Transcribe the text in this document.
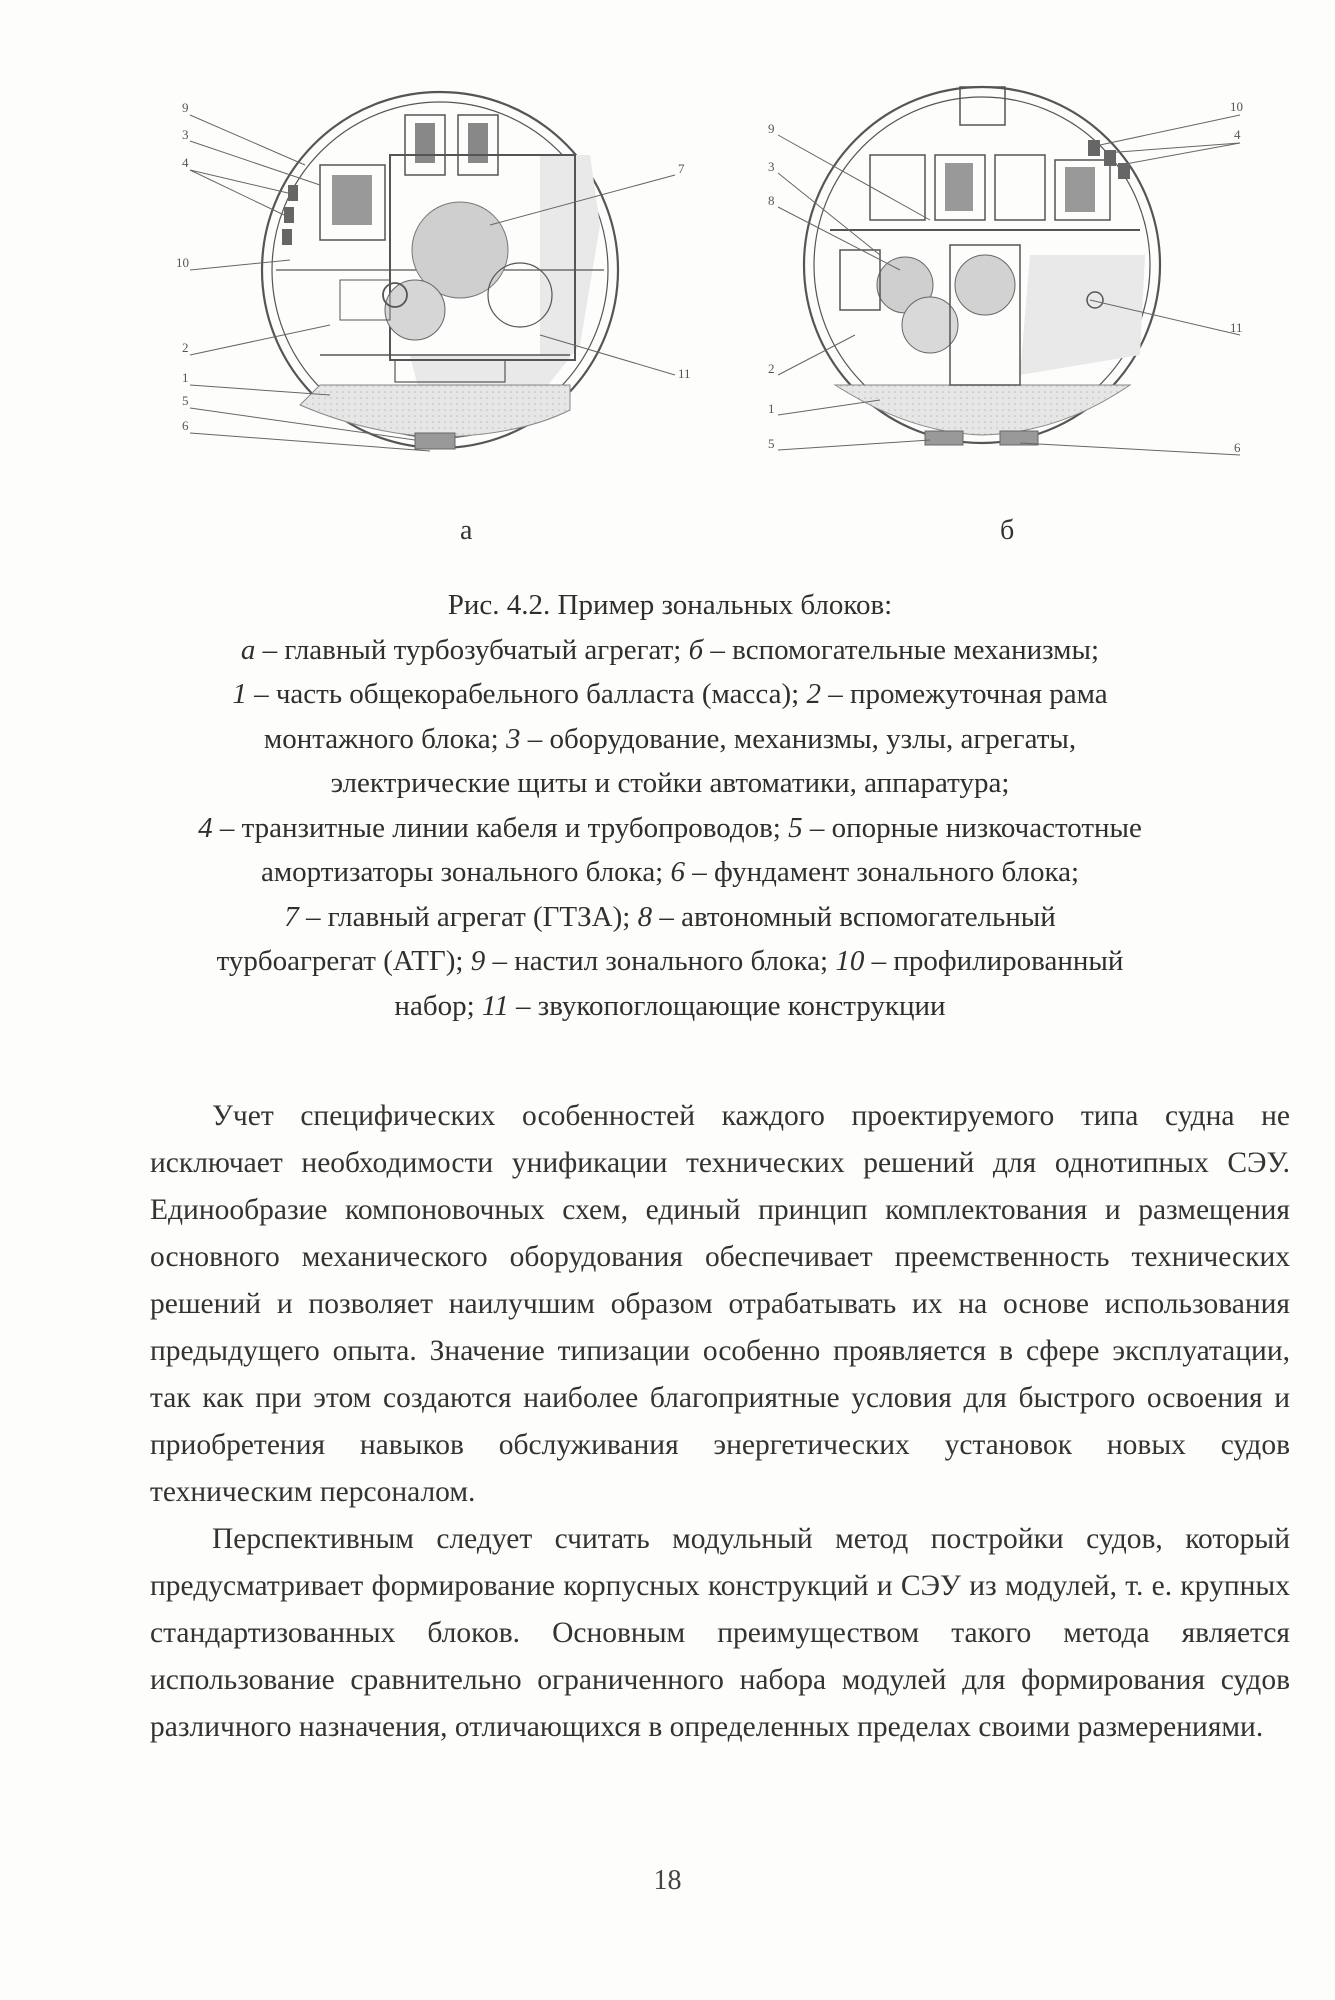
9
3
4
10
2
1
5
6
7
11
9
3
8
2
1
5
10
4
11
6
а	б
Рис. 4.2. Пример зональных блоков:
а – главный турбозубчатый агрегат; б – вспомогательные механизмы;
1 – часть общекорабельного балласта (масса); 2 – промежуточная рама
монтажного блока; 3 – оборудование, механизмы, узлы, агрегаты,
электрические щиты и стойки автоматики, аппаратура;
4 – транзитные линии кабеля и трубопроводов; 5 – опорные низкочастотные
амортизаторы зонального блока; 6 – фундамент зонального блока;
7 – главный агрегат (ГТЗА); 8 – автономный вспомогательный
турбоагрегат (АТГ); 9 – настил зонального блока; 10 – профилированный
набор; 11 – звукопоглощающие конструкции

Учет специфических особенностей каждого проектируемого типа судна не исключает необходимости унификации технических решений для однотипных СЭУ. Единообразие компоновочных схем, единый принцип комплектования и размещения основного механического оборудования обеспечивает преемственность технических решений и позволяет наилучшим образом отрабатывать их на основе использования предыдущего опыта. Значение типизации особенно проявляется в сфере эксплуатации, так как при этом создаются наиболее благоприятные условия для быстрого освоения и приобретения навыков обслуживания энергетических установок новых судов техническим персоналом.

Перспективным следует считать модульный метод постройки судов, который предусматривает формирование корпусных конструкций и СЭУ из модулей, т. е. крупных стандартизованных блоков. Основным преимуществом такого метода является использование сравнительно ограниченного набора модулей для формирования судов различного назначения, отличающихся в определенных пределах своими размерениями.

18
